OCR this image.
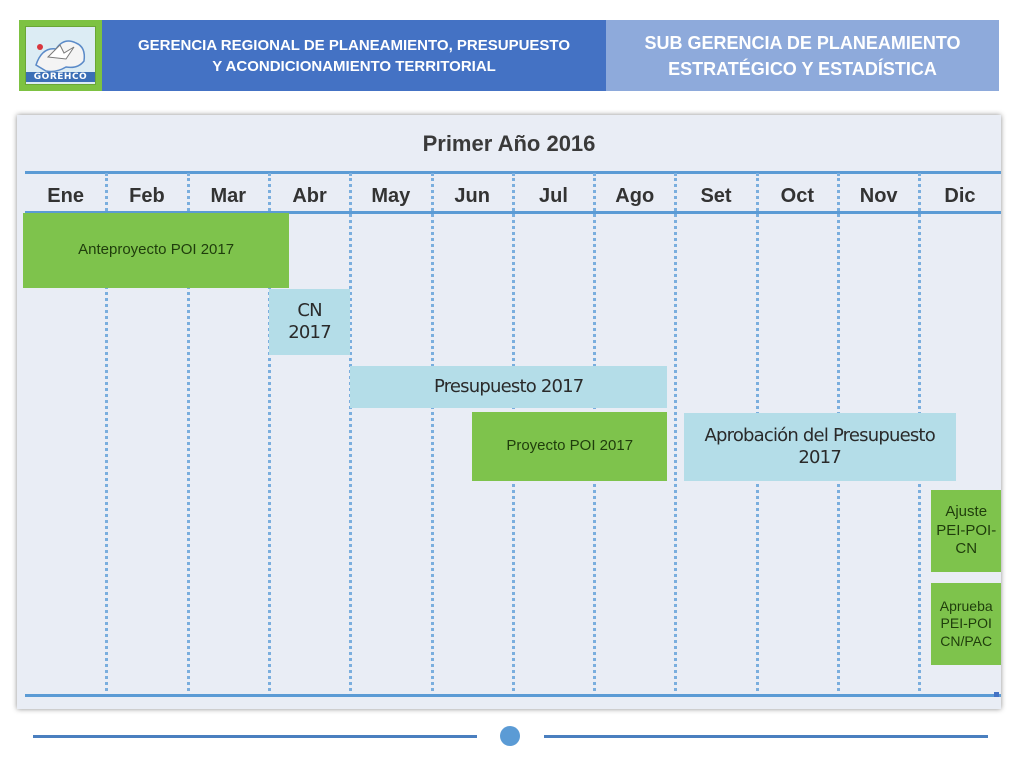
GOREHCO
GERENCIA REGIONAL DE PLANEAMIENTO, PRESUPUESTO
Y ACONDICIONAMIENTO TERRITORIAL
SUB GERENCIA DE PLANEAMIENTO
ESTRATÉGICO Y ESTADÍSTICA
Primer Año 2016
Ene	Feb	Mar	Abr	May	Jun	Jul	Ago	Set	Oct	Nov	Dic
Anteproyecto POI 2017
CN
2017
Presupuesto 2017
Proyecto POI 2017
Aprobación del Presupuesto
2017
Ajuste
PEI-POI-
CN
Aprueba
PEI-POI
CN/PAC
